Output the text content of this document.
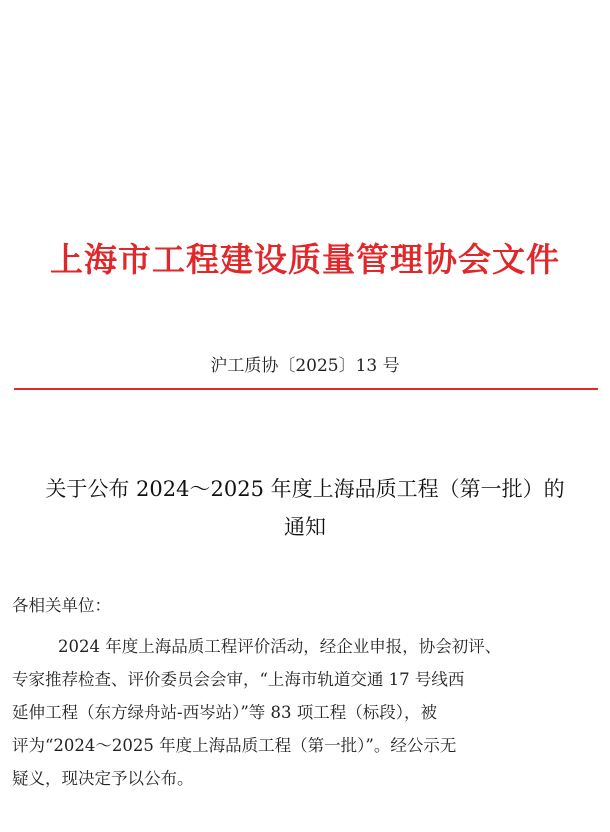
上海市工程建设质量管理协会文件
沪工质协〔2025〕13 号
关于公布 2024～2025 年度上海品质工程（第一批）的
通知
各相关单位：
2024 年度上海品质工程评价活动，经企业申报，协会初评、
专家推荐检查、评价委员会会审，“上海市轨道交通 17 号线西
延伸工程（东方绿舟站-西岑站）”等 83 项工程（标段），被
评为“2024～2025 年度上海品质工程（第一批）”。经公示无
疑义，现决定予以公布。
